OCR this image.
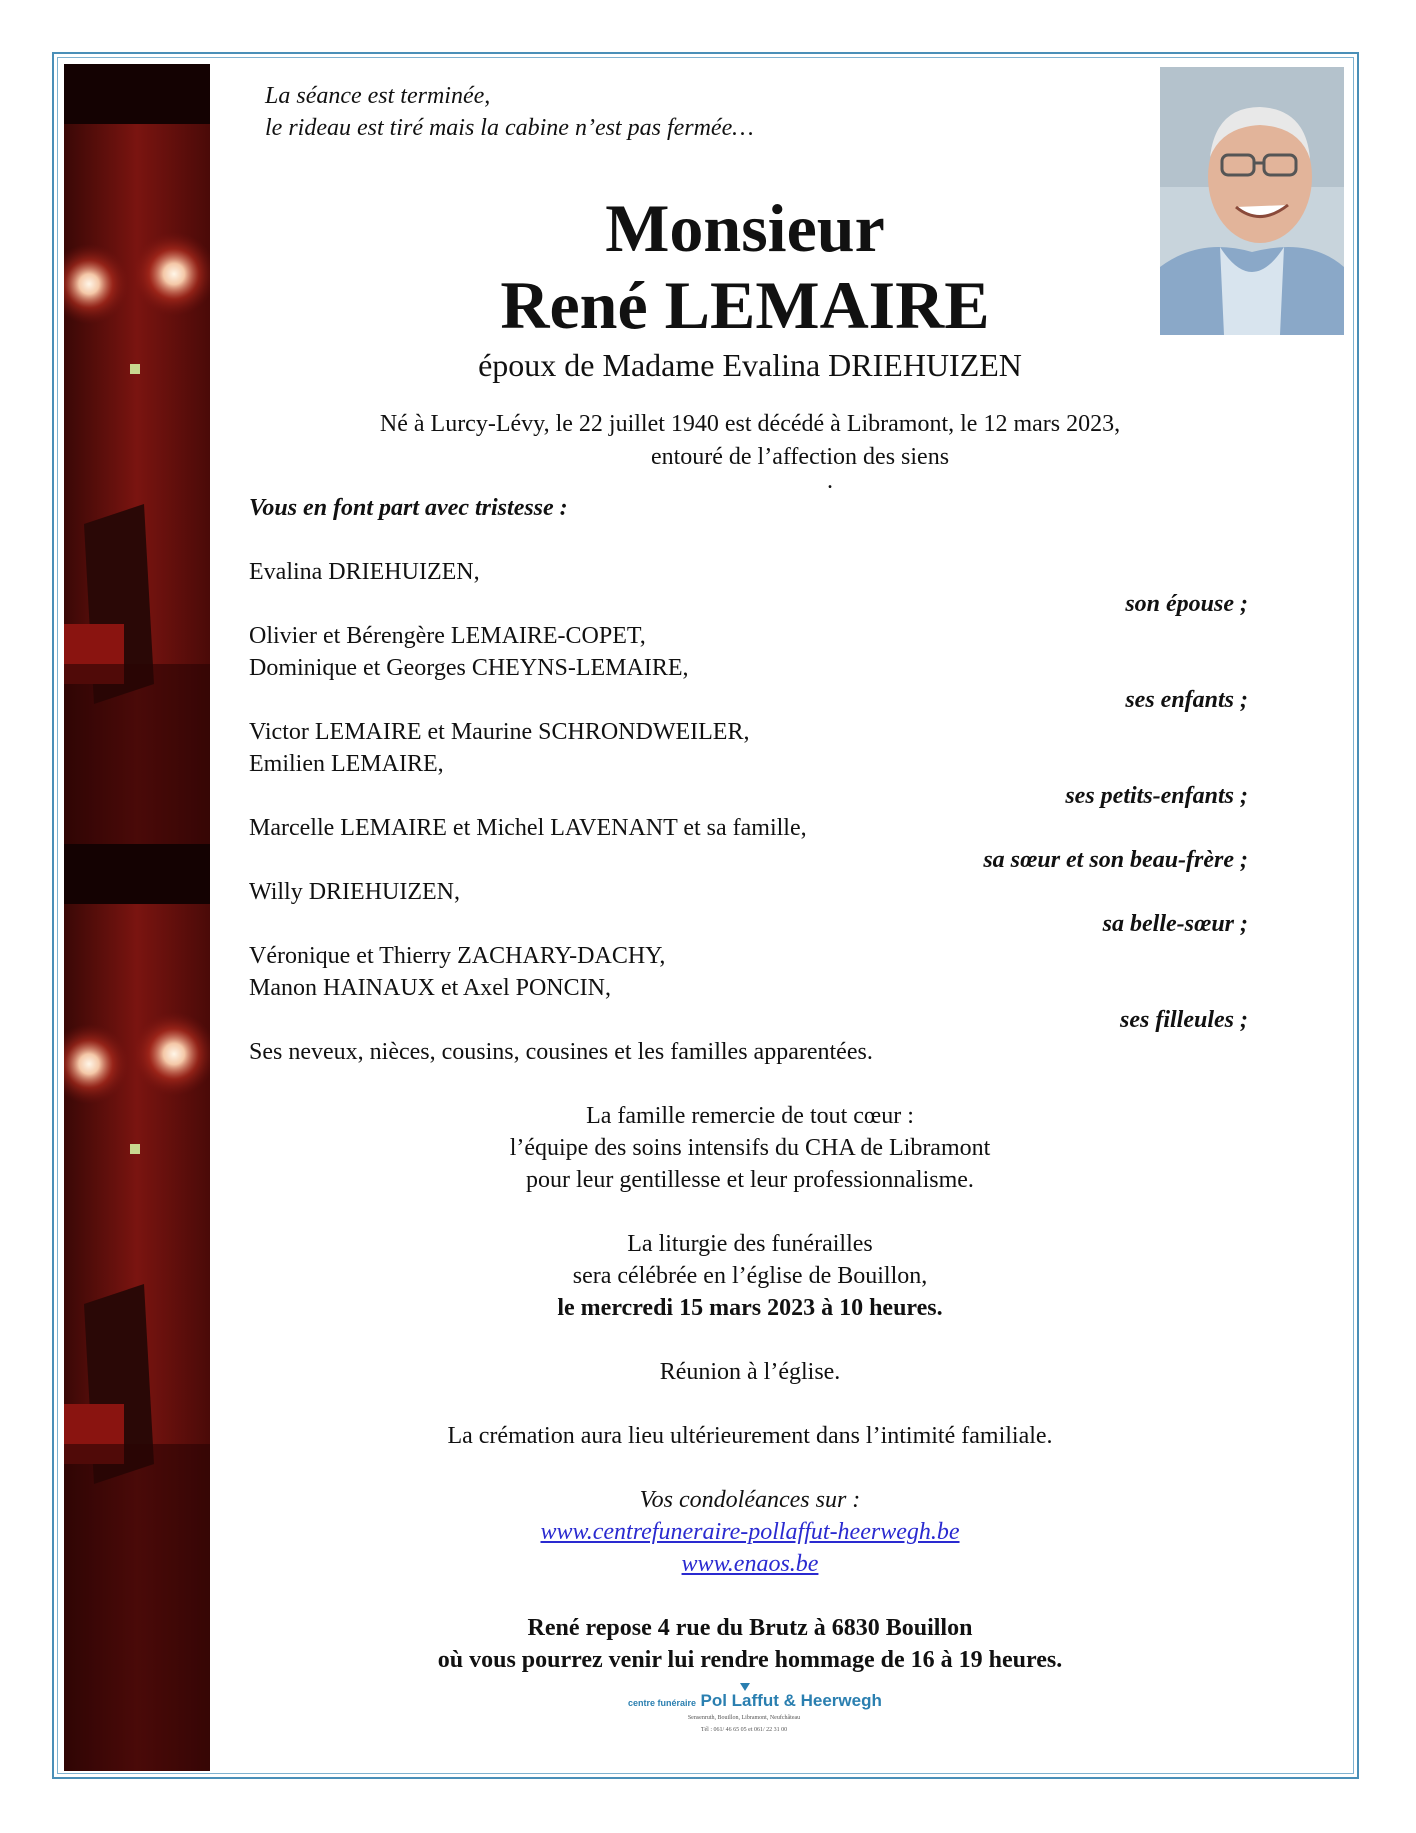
La séance est terminée,
le rideau est tiré mais la cabine n’est pas fermée…
Monsieur
René LEMAIRE
époux de Madame Evalina DRIEHUIZEN
Né à Lurcy-Lévy, le 22 juillet 1940 est décédé à Libramont, le 12 mars 2023,
entouré de l’affection des siens
.
Vous en font part avec tristesse :
Evalina DRIEHUIZEN,
son épouse ;
Olivier et Bérengère LEMAIRE-COPET,
Dominique et Georges CHEYNS-LEMAIRE,
ses enfants ;
Victor LEMAIRE et Maurine SCHRONDWEILER,
Emilien LEMAIRE,
ses petits-enfants ;
Marcelle LEMAIRE et Michel LAVENANT et sa famille,
sa sœur et son beau-frère ;
Willy DRIEHUIZEN,
sa belle-sœur ;
Véronique et Thierry ZACHARY-DACHY,
Manon HAINAUX et Axel PONCIN,
ses filleules ;
Ses neveux, nièces, cousins, cousines et les familles apparentées.
La famille remercie de tout cœur :
l’équipe des soins intensifs du CHA de Libramont
pour leur gentillesse et leur professionnalisme.
La liturgie des funérailles
sera célébrée en l’église de Bouillon,
le mercredi 15 mars 2023 à 10 heures.
Réunion à l’église.
La crémation aura lieu ultérieurement dans l’intimité familiale.
Vos condoléances sur :
www.centrefuneraire-pollaffut-heerwegh.be
www.enaos.be
René repose 4 rue du Brutz à 6830 Bouillon
où vous pourrez venir lui rendre hommage de 16 à 19 heures.
centre funéraire Pol Laffut & Heerwegh
Sensenruth, Bouillon, Libramont, Neufchâteau
Tél : 061/ 46 65 05 et 061/ 22 31 00
